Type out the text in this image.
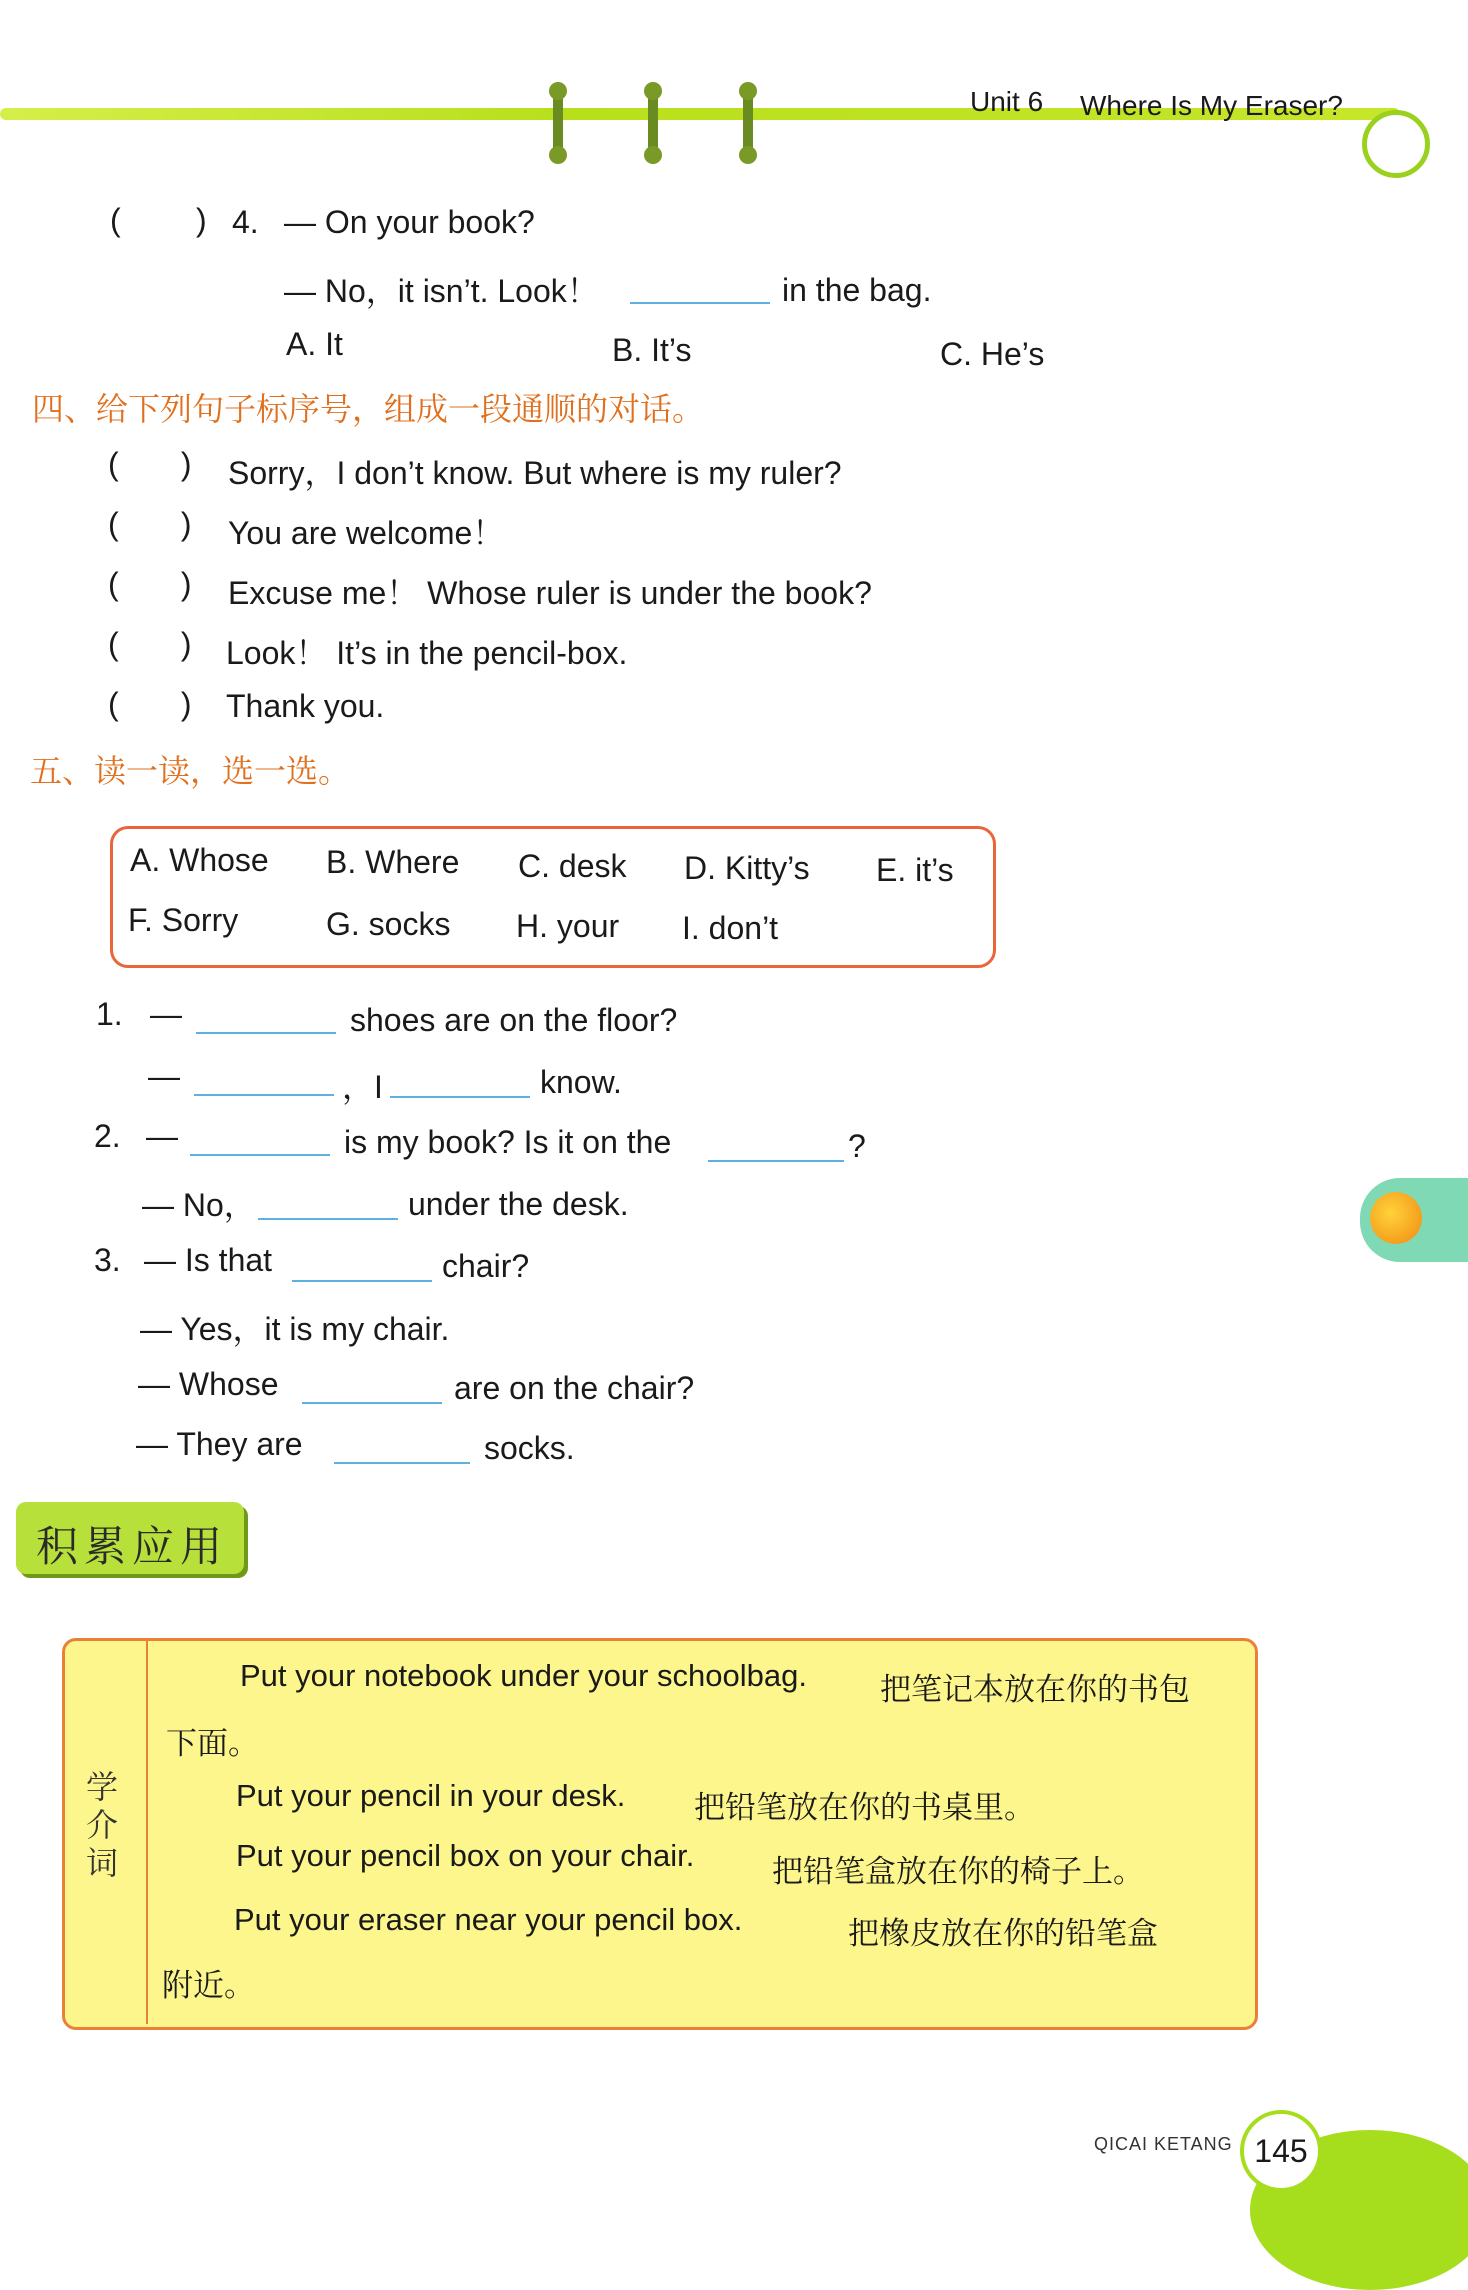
Unit 6 Where Is My Eraser?
( ) 4. — On your book?
— No，it isn’t. Look！	in the bag.
A. It	B. It’s	C. He’s
四、给下列句子标序号，组成一段通顺的对话。
(       ) Sorry，I don’t know. But where is my ruler?
(       ) You are welcome！
(       ) Excuse me！ Whose ruler is under the book?
(       ) Look！ It’s in the pencil-box.
(       ) Thank you.
五、读一读，选一选。
A. Whose B. Where C. desk D. Kitty’s E. it’s
F. Sorry	G. socks H. your I. don’t
1. —	shoes are on the floor?
—	，I	know.
2. —	is my book? Is it on the	?
— No，	under the desk.
3. — Is that	chair?
— Yes，it is my chair.
— Whose	are on the chair?
— They are	socks.
积累应用
学介词
Put your notebook under your schoolbag. 把笔记本放在你的书包
下面。
Put your pencil in your desk. 把铅笔放在你的书桌里。
Put your pencil box on your chair.	把铅笔盒放在你的椅子上。
Put your eraser near your pencil box.	把橡皮放在你的铅笔盒
附近。
QICAI KETANG 145
